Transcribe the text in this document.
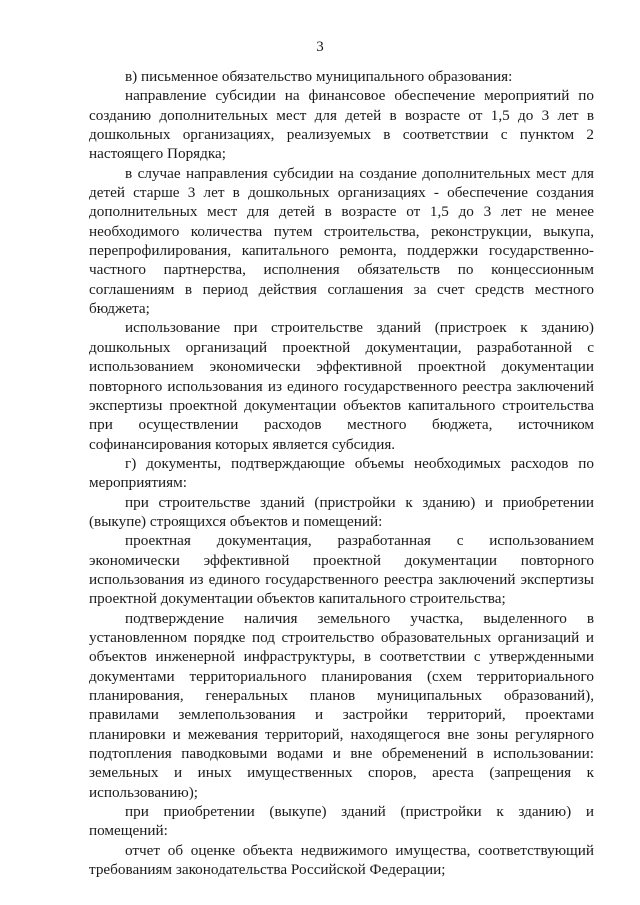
3

в) письменное обязательство муниципального образования:

направление субсидии на финансовое обеспечение мероприятий по созданию дополнительных мест для детей в возрасте от 1,5 до 3 лет в дошкольных организациях, реализуемых в соответствии с пунктом 2 настоящего Порядка;

в случае направления субсидии на создание дополнительных мест для детей старше 3 лет в дошкольных организациях - обеспечение создания дополнительных мест для детей в возрасте от 1,5 до 3 лет не менее необходимого количества путем строительства, реконструкции, выкупа, перепрофилирования, капитального ремонта, поддержки государственно-частного партнерства, исполнения обязательств по концессионным соглашениям в период действия соглашения за счет средств местного бюджета;

использование при строительстве зданий (пристроек к зданию) дошкольных организаций проектной документации, разработанной с использованием экономически эффективной проектной документации повторного использования из единого государственного реестра заключений экспертизы проектной документации объектов капитального строительства при осуществлении расходов местного бюджета, источником софинансирования которых является субсидия.

г) документы, подтверждающие объемы необходимых расходов по мероприятиям:

при строительстве зданий (пристройки к зданию) и приобретении (выкупе) строящихся объектов и помещений:

проектная документация, разработанная с использованием экономически эффективной проектной документации повторного использования из единого государственного реестра заключений экспертизы проектной документации объектов капитального строительства;

подтверждение наличия земельного участка, выделенного в установленном порядке под строительство образовательных организаций и объектов инженерной инфраструктуры, в соответствии с утвержденными документами территориального планирования (схем территориального планирования, генеральных планов муниципальных образований), правилами землепользования и застройки территорий, проектами планировки и межевания территорий, находящегося вне зоны регулярного подтопления паводковыми водами и вне обременений в использовании: земельных и иных имущественных споров, ареста (запрещения к использованию);

при приобретении (выкупе) зданий (пристройки к зданию) и помещений:

отчет об оценке объекта недвижимого имущества, соответствующий требованиям законодательства Российской Федерации;
